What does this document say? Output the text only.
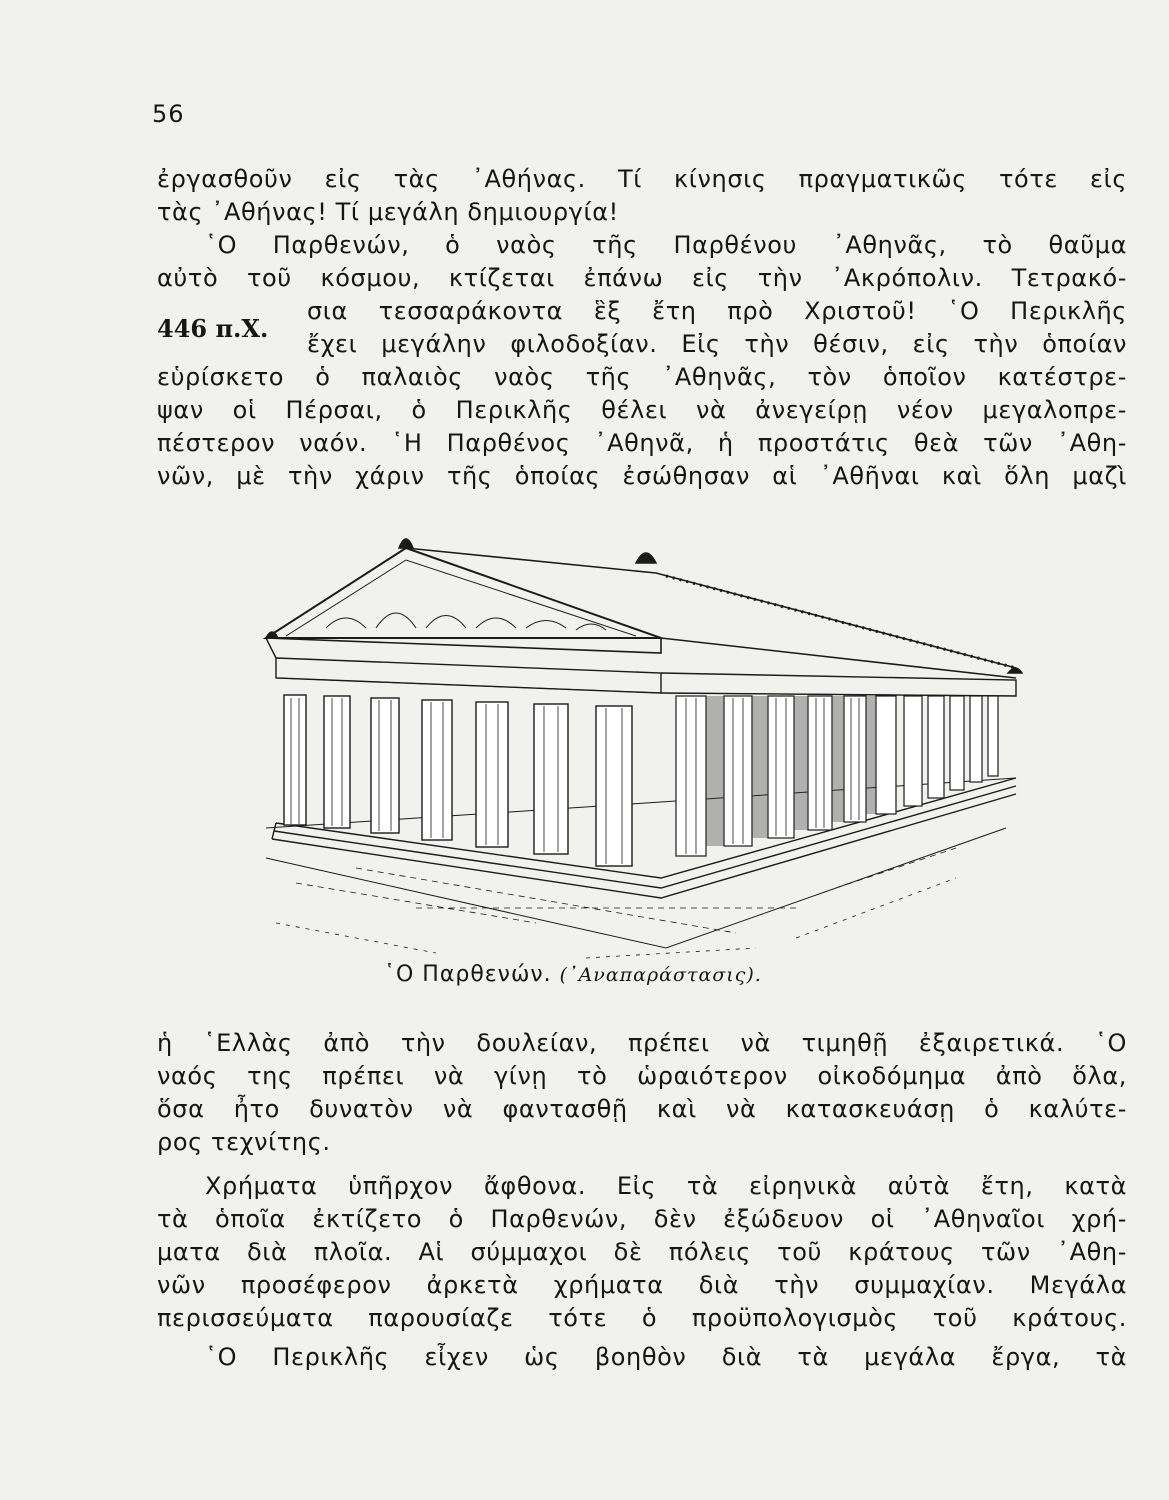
56
ἐργασθοῦν εἰς τὰς ᾽Αθήνας. Τί κίνησις πραγματικῶς τότε εἰς
τὰς ᾽Αθήνας! Τί μεγάλη δημιουργία!
῾Ο Παρθενών, ὁ ναὸς τῆς Παρθένου ᾽Αθηνᾶς, τὸ θαῦμα
αὐτὸ τοῦ κόσμου, κτίζεται ἐπάνω εἰς τὴν ᾽Ακρόπολιν. Τετρακό-
446 π.Χ.
σια τεσσαράκοντα ἓξ ἔτη πρὸ Χριστοῦ! ῾Ο Περικλῆς
ἔχει μεγάλην φιλοδοξίαν. Εἰς τὴν θέσιν, εἰς τὴν ὁποίαν
εὑρίσκετο ὁ παλαιὸς ναὸς τῆς ᾽Αθηνᾶς, τὸν ὁποῖον κατέστρε-
ψαν οἱ Πέρσαι, ὁ Περικλῆς θέλει νὰ ἀνεγείρῃ νέον μεγαλοπρε-
πέστερον ναόν. ῾Η Παρθένος ᾽Αθηνᾶ, ἡ προστάτις θεὰ τῶν ᾽Αθη-
νῶν, μὲ τὴν χάριν τῆς ὁποίας ἐσώθησαν αἱ ᾽Αθῆναι καὶ ὅλη μαζὶ
῾Ο Παρθενών. (᾽Αναπαράστασις).
ἡ ῾Ελλὰς ἀπὸ τὴν δουλείαν, πρέπει νὰ τιμηθῇ ἐξαιρετικά. ῾Ο
ναός της πρέπει νὰ γίνῃ τὸ ὡραιότερον οἰκοδόμημα ἀπὸ ὅλα,
ὅσα ἦτο δυνατὸν νὰ φαντασθῇ καὶ νὰ κατασκευάσῃ ὁ καλύτε-
ρος τεχνίτης.
Χρήματα ὑπῆρχον ἄφθονα. Εἰς τὰ εἰρηνικὰ αὐτὰ ἔτη, κατὰ
τὰ ὁποῖα ἐκτίζετο ὁ Παρθενών, δὲν ἐξώδευον οἱ ᾽Αθηναῖοι χρή-
ματα διὰ πλοῖα. Αἱ σύμμαχοι δὲ πόλεις τοῦ κράτους τῶν ᾽Αθη-
νῶν προσέφερον ἀρκετὰ χρήματα διὰ τὴν συμμαχίαν. Μεγάλα
περισσεύματα παρουσίαζε τότε ὁ προϋπολογισμὸς τοῦ κράτους.
῾Ο Περικλῆς εἶχεν ὡς βοηθὸν διὰ τὰ μεγάλα ἔργα, τὰ
